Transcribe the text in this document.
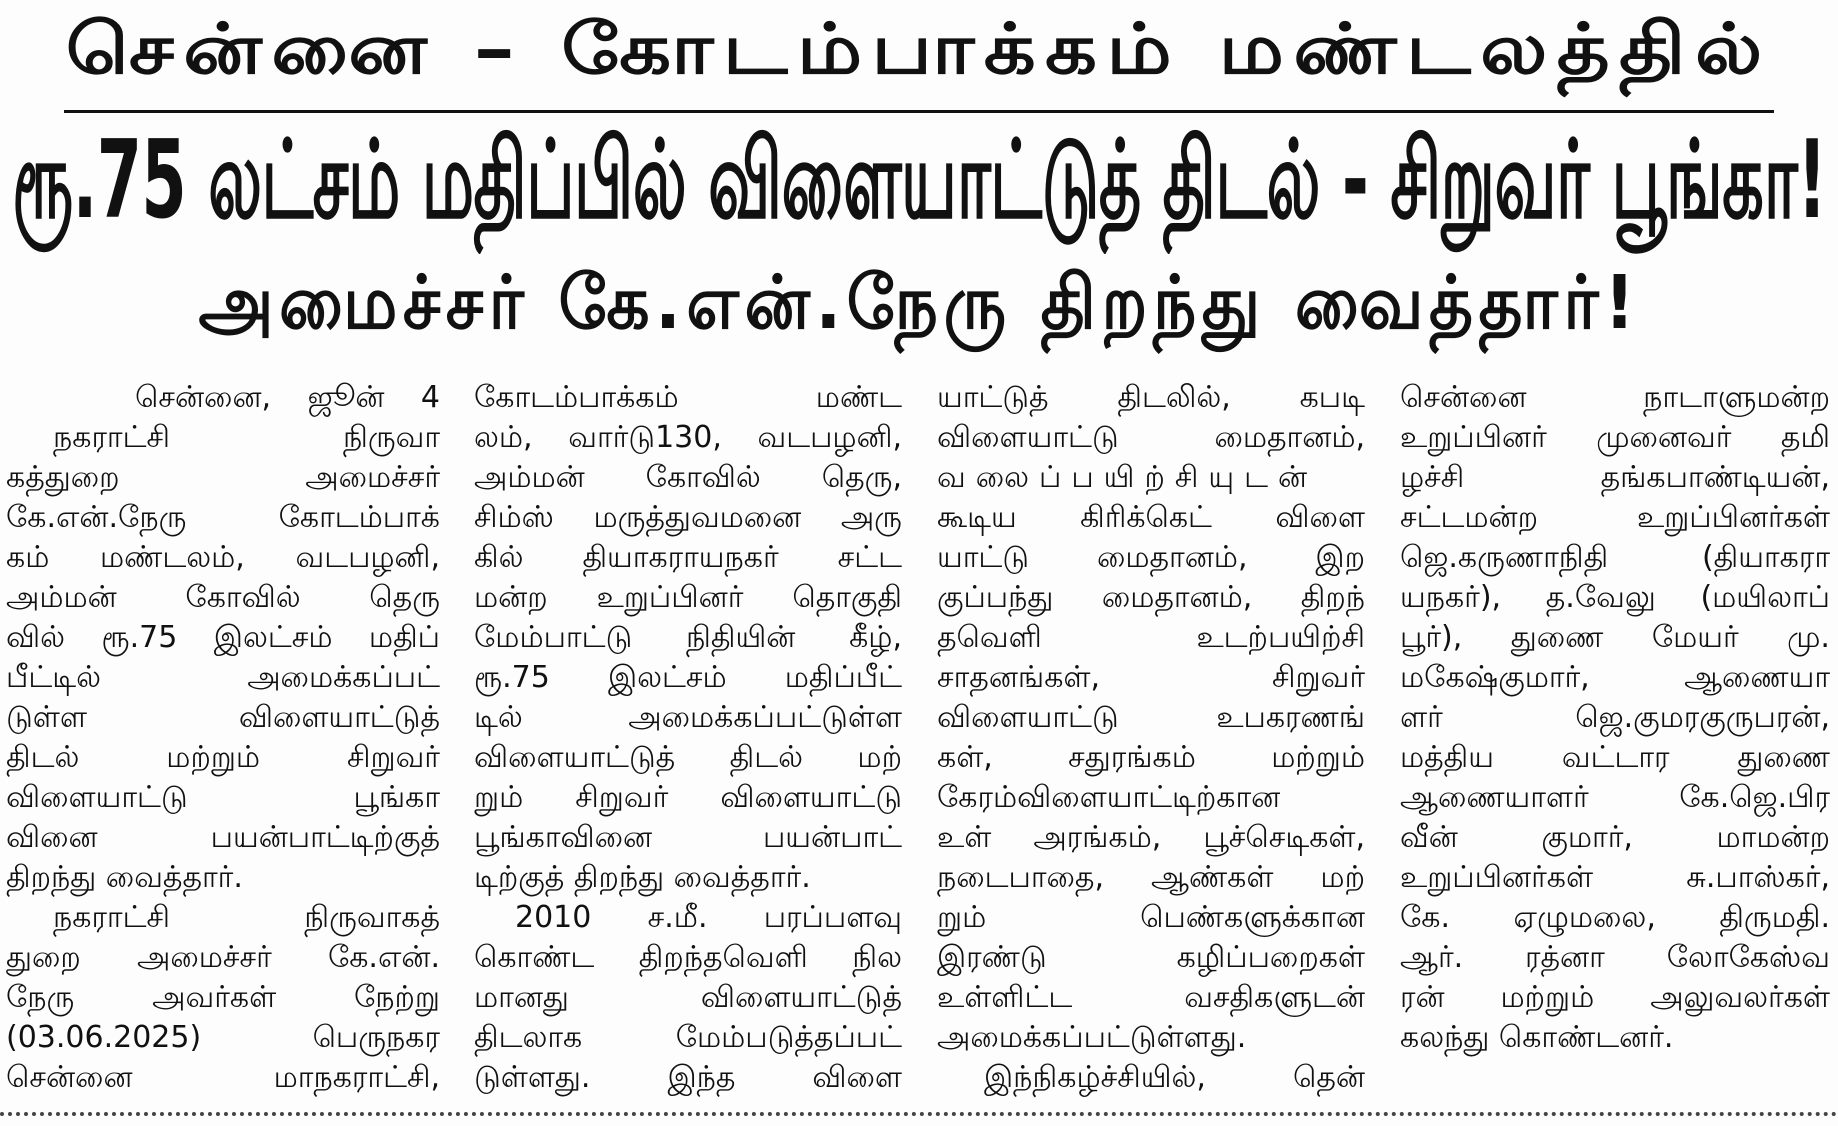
சென்னை – கோடம்பாக்கம் மண்டலத்தில்
ரூ.75 லட்சம் மதிப்பில் விளையாட்டுத் திடல் - சிறுவர் பூங்கா!
அமைச்சர் கே.என்.நேரு திறந்து வைத்தார்!
சென்னை, ஜூன் 4
நகராட்சி	நிருவா
கத்துறை	அமைச்சர்
கே.என்.நேரு	கோடம்பாக்
கம் மண்டலம், வடபழனி,
அம்மன் கோவில் தெரு
வில் ரூ.75 இலட்சம் மதிப்
பீட்டில்	அமைக்கப்பட்
டுள்ள	விளையாட்டுத்
திடல்	மற்றும்	சிறுவர்
விளையாட்டு	பூங்கா
வினை	பயன்பாட்டிற்குத்
திறந்து வைத்தார்.
நகராட்சி	நிருவாகத்
துறை அமைச்சர் கே.என்.
நேரு	அவர்கள்	நேற்று
(03.06.2025)	பெருநகர
சென்னை	மாநகராட்சி,
கோடம்பாக்கம்	மண்ட
லம், வார்டு130, வடபழனி,
அம்மன் கோவில் தெரு,
சிம்ஸ் மருத்துவமனை அரு
கில் தியாகராயநகர் சட்ட
மன்ற உறுப்பினர் தொகுதி
மேம்பாட்டு நிதியின் கீழ்,
ரூ.75 இலட்சம் மதிப்பீட்
டில்	அமைக்கப்பட்டுள்ள
விளையாட்டுத் திடல் மற்
றும் சிறுவர் விளையாட்டு
பூங்காவினை	பயன்பாட்
டிற்குத் திறந்து வைத்தார்.
2010 ச.மீ. பரப்பளவு
கொண்ட திறந்தவெளி நில
மானது	விளையாட்டுத்
திடலாக	மேம்படுத்தப்பட்
டுள்ளது.	இந்த	விளை
யாட்டுத் திடலில், கபடி
விளையாட்டு	மைதானம்,
வலைப்பயிற்சியுடன்
கூடிய கிரிக்கெட் விளை
யாட்டு மைதானம், இற
குப்பந்து மைதானம், திறந்
தவெளி	உடற்பயிற்சி
சாதனங்கள்,	சிறுவர்
விளையாட்டு	உபகரணங்
கள்,	சதுரங்கம்	மற்றும்
கேரம்விளையாட்டிற்கான
உள் அரங்கம், பூச்செடிகள்,
நடைபாதை, ஆண்கள் மற்
றும்	பெண்களுக்கான
இரண்டு	கழிப்பறைகள்
உள்ளிட்ட	வசதிகளுடன்
அமைக்கப்பட்டுள்ளது.
இந்நிகழ்ச்சியில்,	தென்
சென்னை	நாடாளுமன்ற
உறுப்பினர் முனைவர் தமி
ழச்சி	தங்கபாண்டியன்,
சட்டமன்ற	உறுப்பினர்கள்
ஜெ.கருணாநிதி	(தியாகரா
யநகர்), த.வேலு (மயிலாப்
பூர்), துணை மேயர் மு.
மகேஷ்குமார்,	ஆணையா
ளர்	ஜெ.குமரகுருபரன்,
மத்திய வட்டார துணை
ஆணையாளர்	கே.ஜெ.பிர
வீன்	குமார்,	மாமன்ற
உறுப்பினர்கள்	சு.பாஸ்கர்,
கே. ஏழுமலை, திருமதி.
ஆர். ரத்னா லோகேஸ்வ
ரன் மற்றும் அலுவலர்கள்
கலந்து கொண்டனர்.
